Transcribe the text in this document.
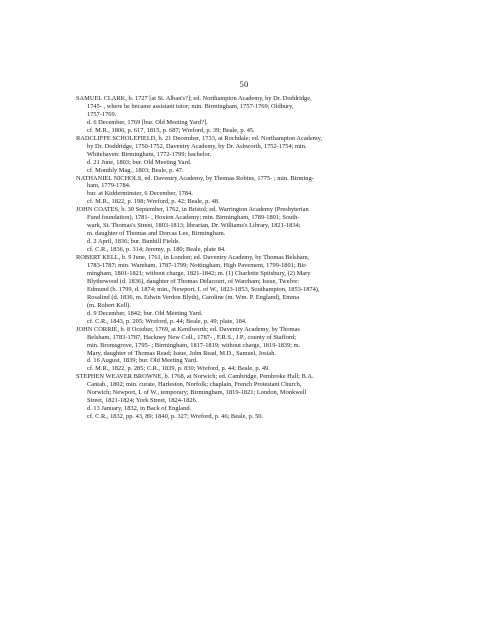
50
SAMUEL CLARK, b. 1727 [at St. Alban's?]; ed. Northampton Academy, by Dr. Doddridge,
1745- , where he became assistant tutor; min. Birmingham, 1757-1769; Oldbury,
1757-1769.
d. 6 December, 1769 [bur. Old Meeting Yard?].
cf. M.R., 1806, p. 617, 1815, p. 687; Wreford, p. 39; Beale, p. 45.
RADCLIFFE SCHOLEFIELD, b. 21 December, 1733, at Rochdale; ed. Northampton Academy,
by Dr. Doddridge, 1750-1752, Daventry Academy, by Dr. Ashworth, 1752-1754; min.
Whitehaven: Birmingham, 1772-1799; bachelor.
d. 21 June, 1803; bur. Old Meeting Yard.
cf. Monthly Mag., 1803; Beale, p. 47.
NATHANIEL NICHOLS, ed. Daventry Academy, by Thomas Robins, 1775- ; min. Birming-
ham, 1779-1784.
bur. at Kidderminster, 6 December, 1784.
cf. M.R., 1822, p. 198; Wreford, p. 42; Beale, p. 48.
JOHN COATES, b. 30 September, 1762, in Bristol; ed. Warrington Academy (Presbyterian
Fund foundation), 1781- , Hoxton Academy; min. Birmingham, 1789-1801; South-
wark, St. Thomas's Street, 1803-1813; librarian, Dr. Williams's Library, 1821-1834;
m. daughter of Thomas and Dorcas Lee, Birmingham.
d. 2 April, 1836; bur. Bunhill Fields.
cf. C.R., 1836, p. 314; Jeremy, p. 180; Beale, plate 84.
ROBERT KELL, b. 9 June, 1761, in London; ed. Daventry Academy, by Thomas Belsham,
1783-1787; min. Wareham, 1787-1799; Nottingham, High Pavement, 1799-1801; Bir-
mingham, 1801-1821; without charge, 1821-1842; m. (1) Charlotte Spitsbury, (2) Mary
Blythewood (d. 1836), daughter of Thomas Delacourt, of Wareham; Issue, Twelve:
Edmund (b. 1799, d. 1874; min., Newport, I. of W., 1823-1853, Southampton, 1853-1874),
Rosalind (d. 1836, m. Edwin Verdon Blyth), Caroline (m. Wm. P. England), Emma
(m. Robert Kell).
d. 9 December, 1842; bur. Old Meeting Yard.
cf. C.R., 1843, p. 205; Wreford, p. 44; Beale, p. 49; plate, 184.
JOHN CORRIE, b. 8 October, 1769, at Kenilworth; ed. Daventry Academy, by Thomas
Belsham, 1783-1787, Hackney New Coll., 1787- , F.R.S., J.P., county of Stafford;
min. Bromsgrove, 1795- ; Birmingham, 1817-1819; without charge, 1819-1839; m.
Mary, daughter of Thomas Read; Issue, John Read, M.D., Samuel, Josiah.
d. 16 August, 1839; bur. Old Meeting Yard.
cf. M.R., 1822, p. 285; C.R., 1839, p. 830; Wreford, p. 44; Beale, p. 49.
STEPHEN WEAVER BROWNE, b. 1768, at Norwich; ed. Cambridge, Pembroke Hall; B.A.
Cantab., 1802; min. curate, Harleston, Norfolk; chaplain, French Protestant Church,
Norwich; Newport, I. of W., temporary; Birmingham, 1819-1821; London, Monkwell
Street, 1821-1824; York Street, 1824-1826.
d. 13 January, 1832, in Back of England.
cf. C.R., 1832, pp. 43, 89; 1840, p. 327; Wreford, p. 46; Beale, p. 50.
